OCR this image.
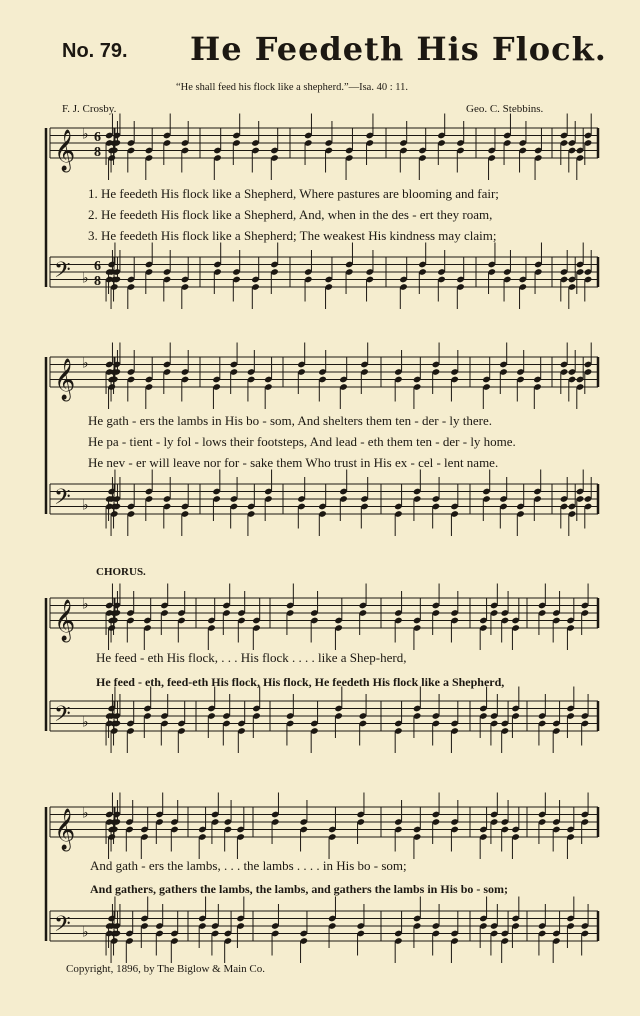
No. 79. He Feedeth His Flock.
“He shall feed his flock like a shepherd.”—Isa. 40 : 11.
F. J. Crosby.	Geo. C. Stebbins.
𝄞 ♭ 6
8
𝄢 ♭
6
8
𝄞 ♭
𝄢 ♭
𝄞 ♭
𝄢 ♭
𝄞 ♭
𝄢 ♭
1. He feedeth His flock like a Shepherd, Where pastures are blooming and fair;
2. He feedeth His flock like a Shepherd, And, when in the des - ert they roam,
3. He feedeth His flock like a Shepherd; The weakest His kindness may claim;
He gath - ers the lambs in His bo - som, And shelters them ten - der - ly there.
He pa - tient - ly fol - lows their footsteps, And lead - eth them ten - der - ly home.
He nev - er will leave nor for - sake them Who trust in His ex - cel - lent name.
CHORUS.
He feed - eth His flock, . . . His flock . . . . like a Shep-herd,
He feed - eth, feed-eth His flock, His flock, He feedeth His flock like a Shepherd,
And gath - ers the lambs, . . . the lambs . . . . in His bo - som;
And gathers, gathers the lambs, the lambs, and gathers the lambs in His bo - som;
Copyright, 1896, by The Biglow & Main Co.
